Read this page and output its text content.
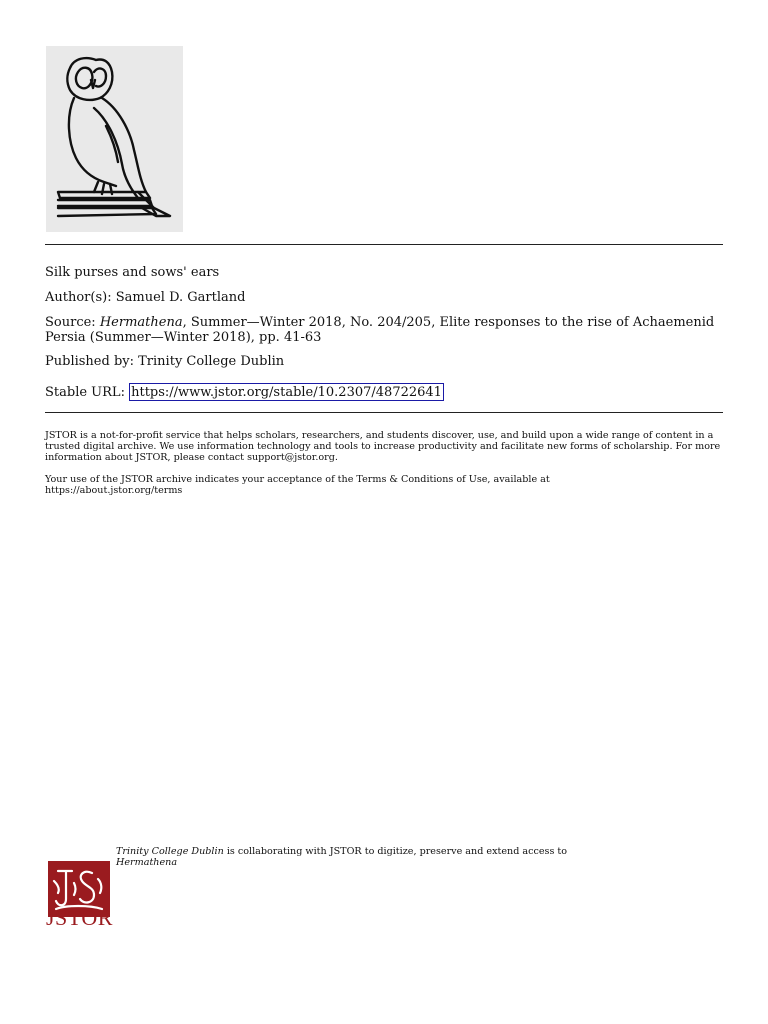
Silk purses and sows' ears
Author(s): Samuel D. Gartland
Source: Hermathena, Summer—Winter 2018, No. 204/205, Elite responses to the rise of Achaemenid Persia (Summer—Winter 2018), pp. 41-63
Published by: Trinity College Dublin
Stable URL: https://www.jstor.org/stable/10.2307/48722641
JSTOR is a not-for-profit service that helps scholars, researchers, and students discover, use, and build upon a wide range of content in a trusted digital archive. We use information technology and tools to increase productivity and facilitate new forms of scholarship. For more information about JSTOR, please contact support@jstor.org.
Your use of the JSTOR archive indicates your acceptance of the Terms & Conditions of Use, available at https://about.jstor.org/terms
JSTOR
Trinity College Dublin is collaborating with JSTOR to digitize, preserve and extend access to
Hermathena
